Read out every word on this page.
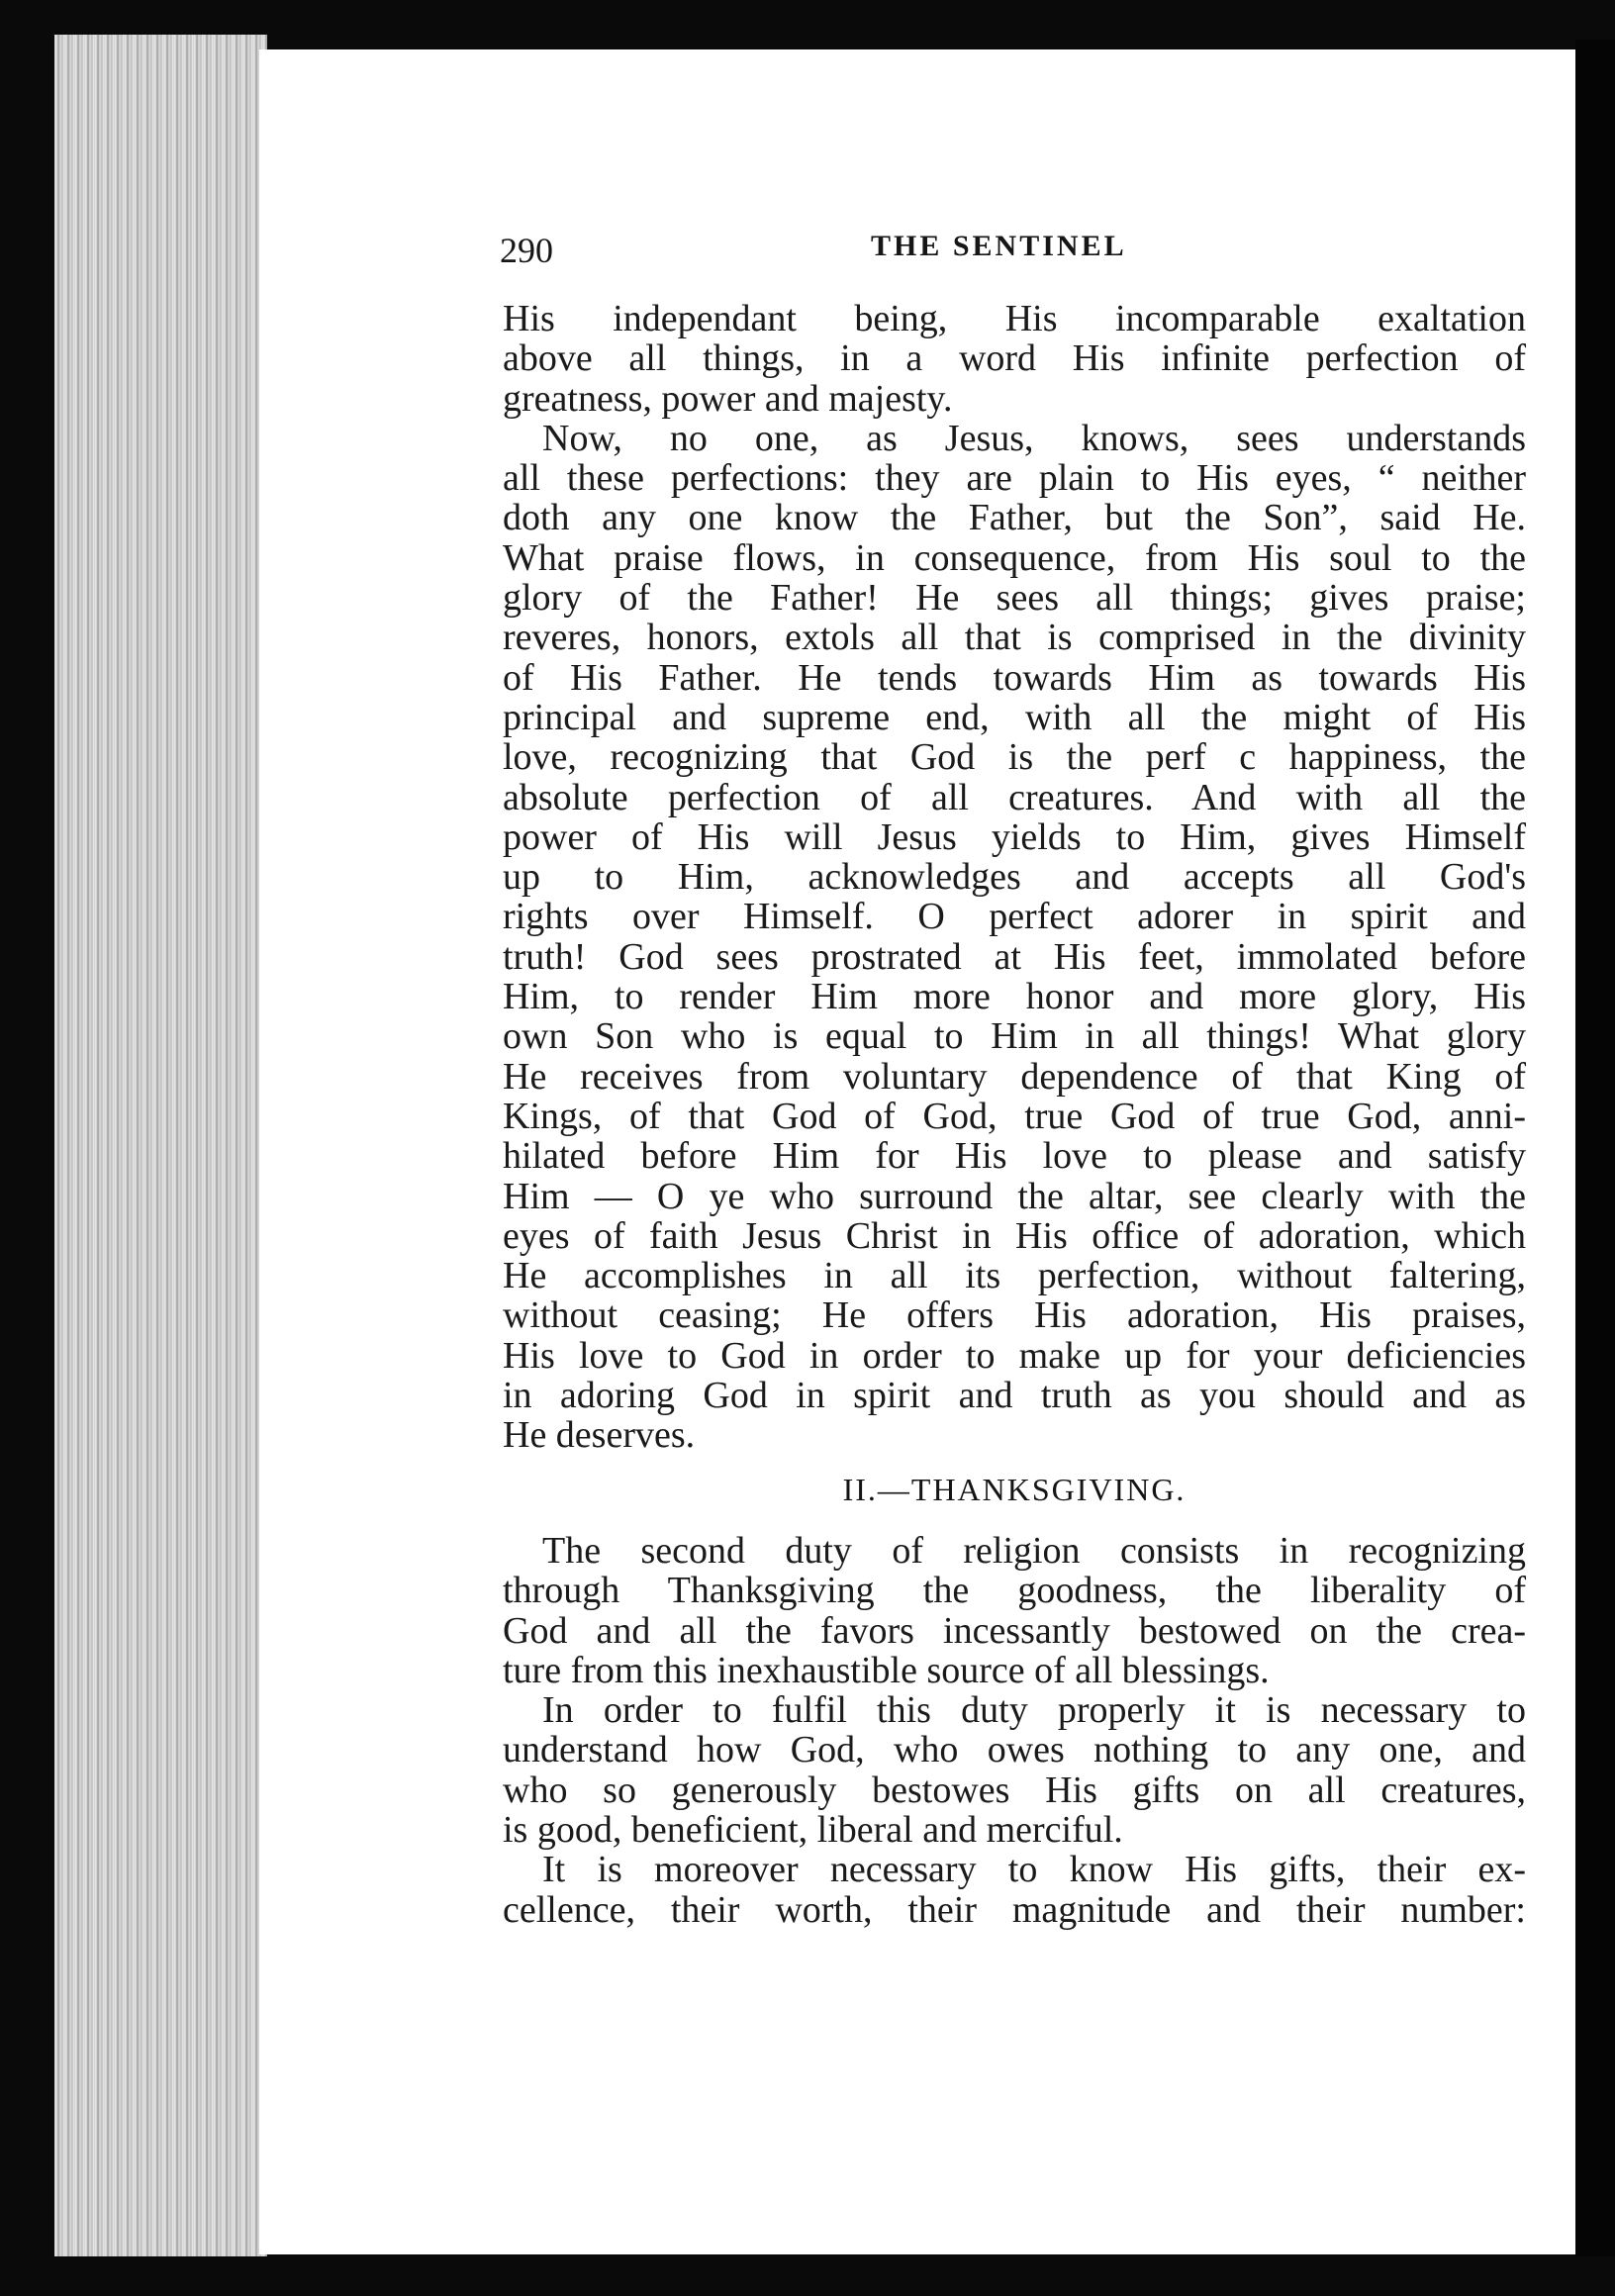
290	THE SENTINEL
His independant being, His incomparable exaltation
above all things, in a word His infinite perfection of
greatness, power and majesty.
Now, no one, as Jesus, knows, sees understands
all these perfections: they are plain to His eyes, “ neither
doth any one know the Father, but the Son”, said He.
What praise flows, in consequence, from His soul to the
glory of the Father! He sees all things; gives praise;
reveres, honors, extols all that is comprised in the divinity
of His Father. He tends towards Him as towards His
principal and supreme end, with all the might of His
love, recognizing that God is the perf c happiness, the
absolute perfection of all creatures. And with all the
power of His will Jesus yields to Him, gives Himself
up to Him, acknowledges and accepts all God's
rights over Himself. O perfect adorer in spirit and
truth! God sees prostrated at His feet, immolated before
Him, to render Him more honor and more glory, His
own Son who is equal to Him in all things! What glory
He receives from voluntary dependence of that King of
Kings, of that God of God, true God of true God, anni-
hilated before Him for His love to please and satisfy
Him — O ye who surround the altar, see clearly with the
eyes of faith Jesus Christ in His office of adoration, which
He accomplishes in all its perfection, without faltering,
without ceasing; He offers His adoration, His praises,
His love to God in order to make up for your deficiencies
in adoring God in spirit and truth as you should and as
He deserves.
II.—THANKSGIVING.
The second duty of religion consists in recognizing
through Thanksgiving the goodness, the liberality of
God and all the favors incessantly bestowed on the crea-
ture from this inexhaustible source of all blessings.
In order to fulfil this duty properly it is necessary to
understand how God, who owes nothing to any one, and
who so generously bestowes His gifts on all creatures,
is good, beneficient, liberal and merciful.
It is moreover necessary to know His gifts, their ex-
cellence, their worth, their magnitude and their number:
